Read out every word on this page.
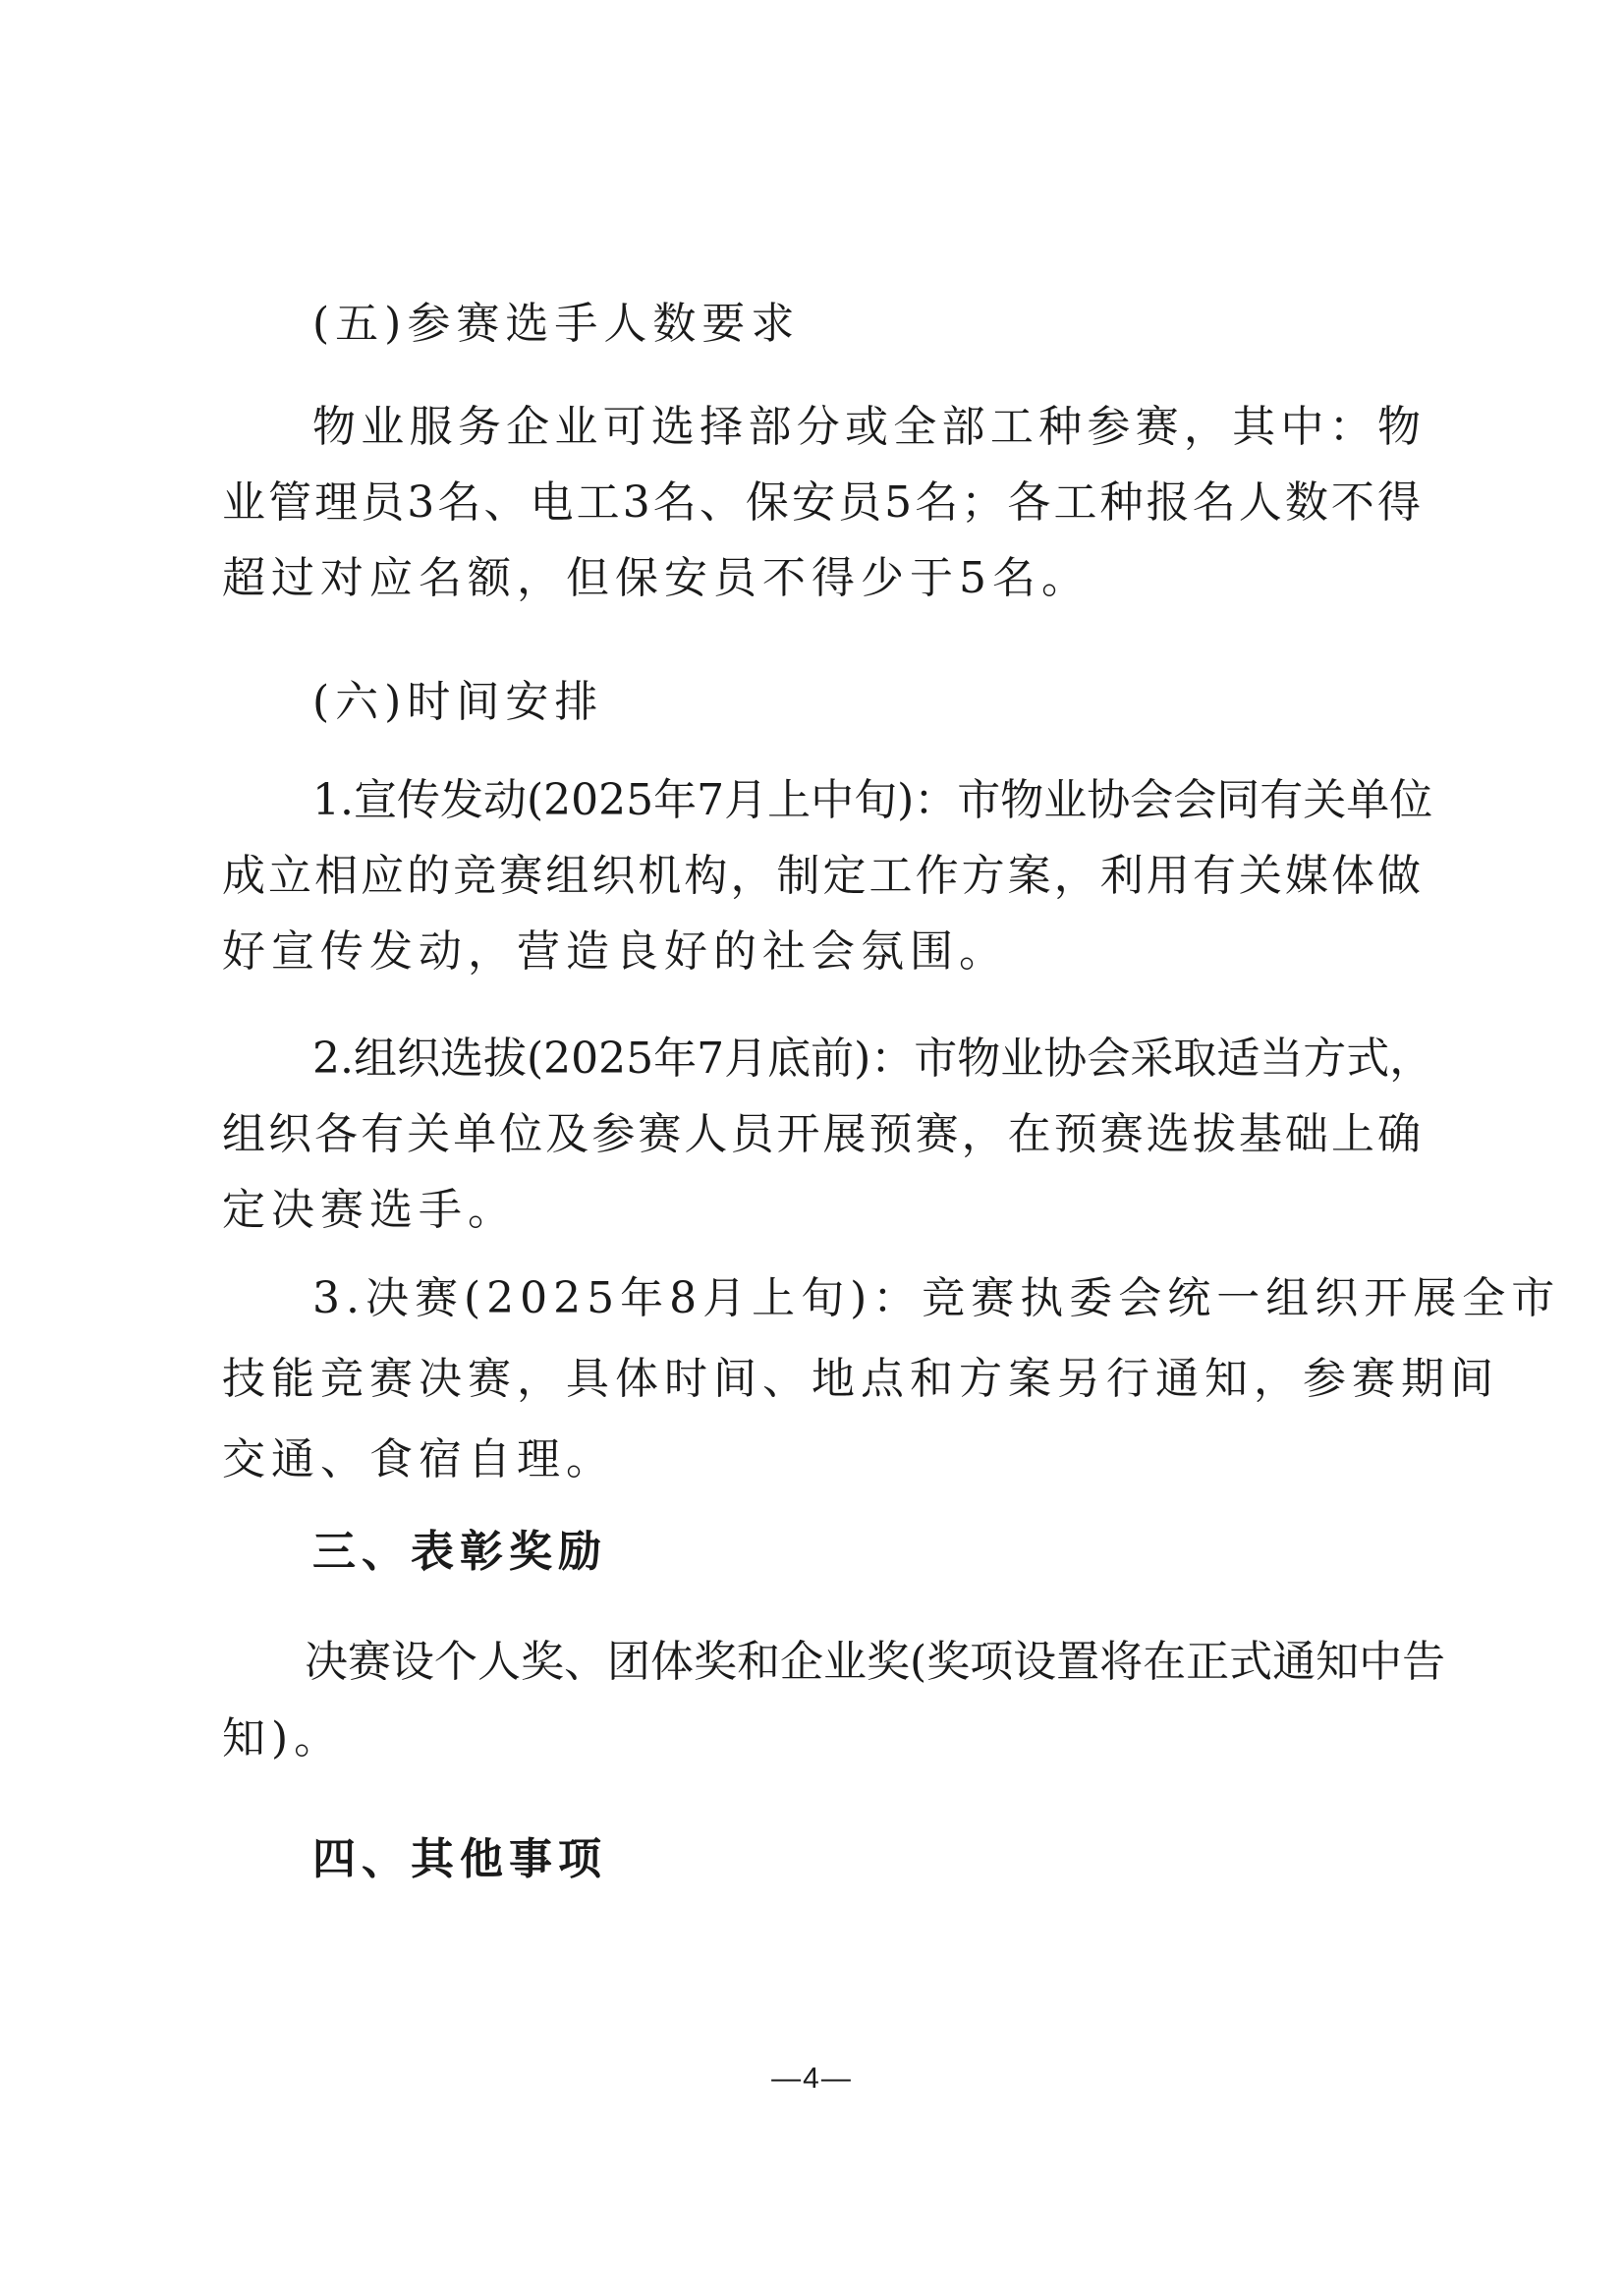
(五)参赛选手人数要求
物业服务企业可选择部分或全部工种参赛，其中：物
业管理员3名、电工3名、保安员5名；各工种报名人数不得
超过对应名额，但保安员不得少于5名。
(六)时间安排
1.宣传发动(2025年7月上中旬)：市物业协会会同有关单位
成立相应的竞赛组织机构，制定工作方案，利用有关媒体做
好宣传发动，营造良好的社会氛围。
2.组织选拔(2025年7月底前)：市物业协会采取适当方式，
组织各有关单位及参赛人员开展预赛，在预赛选拔基础上确
定决赛选手。
3.决赛(2025年8月上旬)：竞赛执委会统一组织开展全市
技能竞赛决赛，具体时间、地点和方案另行通知，参赛期间
交通、食宿自理。
三、表彰奖励
决赛设个人奖、团体奖和企业奖(奖项设置将在正式通知中告
知)。
四、其他事项
—4—
